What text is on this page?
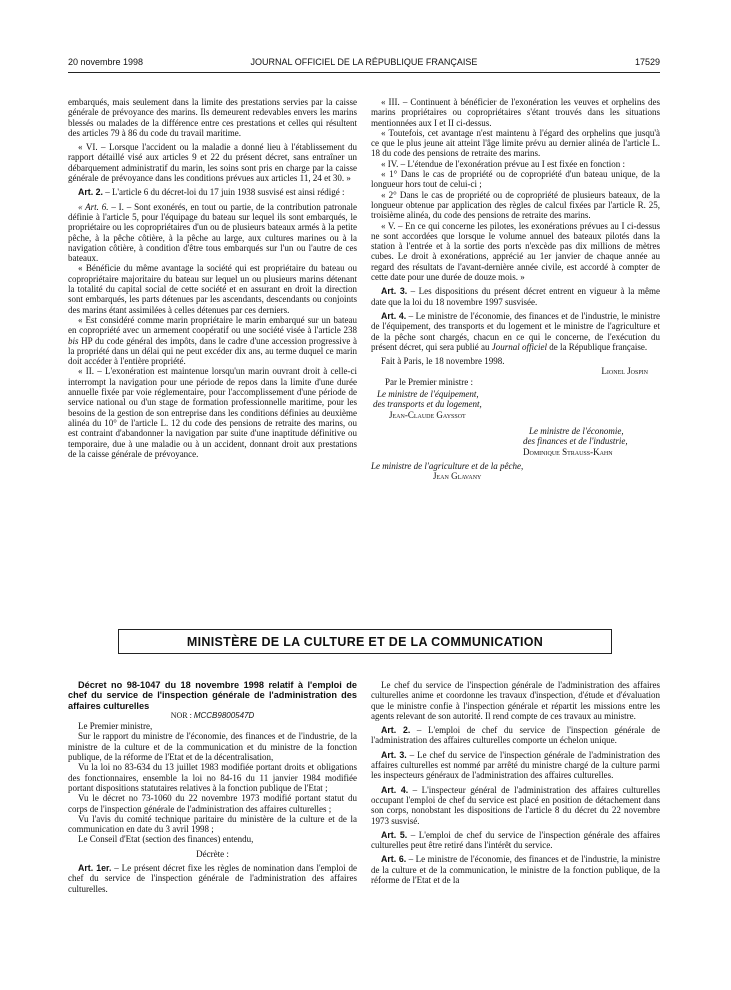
20 novembre 1998	JOURNAL OFFICIEL DE LA RÉPUBLIQUE FRANÇAISE	17529

embarqués, mais seulement dans la limite des prestations servies par la caisse générale de prévoyance des marins. Ils demeurent redevables envers les marins blessés ou malades de la différence entre ces prestations et celles qui résultent des articles 79 à 86 du code du travail maritime.

« VI. – Lorsque l'accident ou la maladie a donné lieu à l'établissement du rapport détaillé visé aux articles 9 et 22 du présent décret, sans entraîner un débarquement administratif du marin, les soins sont pris en charge par la caisse générale de prévoyance dans les conditions prévues aux articles 11, 24 et 30. »

Art. 2. – L'article 6 du décret-loi du 17 juin 1938 susvisé est ainsi rédigé :

« Art. 6. – I. – Sont exonérés, en tout ou partie, de la contribution patronale définie à l'article 5, pour l'équipage du bateau sur lequel ils sont embarqués, le propriétaire ou les copropriétaires d'un ou de plusieurs bateaux armés à la petite pêche, à la pêche côtière, à la pêche au large, aux cultures marines ou à la navigation côtière, à condition d'être tous embarqués sur l'un ou l'autre de ces bateaux.

« Bénéficie du même avantage la société qui est propriétaire du bateau ou copropriétaire majoritaire du bateau sur lequel un ou plusieurs marins détenant la totalité du capital social de cette société et en assurant en droit la direction sont embarqués, les parts détenues par les ascendants, descendants ou conjoints des marins étant assimilées à celles détenues par ces derniers.

« Est considéré comme marin propriétaire le marin embarqué sur un bateau en copropriété avec un armement coopératif ou une société visée à l'article 238 bis HP du code général des impôts, dans le cadre d'une accession progressive à la propriété dans un délai qui ne peut excéder dix ans, au terme duquel ce marin doit accéder à l'entière propriété.

« II. – L'exonération est maintenue lorsqu'un marin ouvrant droit à celle-ci interrompt la navigation pour une période de repos dans la limite d'une durée annuelle fixée par voie réglementaire, pour l'accomplissement d'une période de service national ou d'un stage de formation professionnelle maritime, pour les besoins de la gestion de son entreprise dans les conditions définies au deuxième alinéa du 10° de l'article L. 12 du code des pensions de retraite des marins, ou est contraint d'abandonner la navigation par suite d'une inaptitude définitive ou temporaire, due à une maladie ou à un accident, donnant droit aux prestations de la caisse générale de prévoyance.

« III. – Continuent à bénéficier de l'exonération les veuves et orphelins des marins propriétaires ou copropriétaires s'étant trouvés dans les situations mentionnées aux I et II ci-dessus.

« Toutefois, cet avantage n'est maintenu à l'égard des orphelins que jusqu'à ce que le plus jeune ait atteint l'âge limite prévu au dernier alinéa de l'article L. 18 du code des pensions de retraite des marins.

« IV. – L'étendue de l'exonération prévue au I est fixée en fonction :

« 1° Dans le cas de propriété ou de copropriété d'un bateau unique, de la longueur hors tout de celui-ci ;

« 2° Dans le cas de propriété ou de copropriété de plusieurs bateaux, de la longueur obtenue par application des règles de calcul fixées par l'article R. 25, troisième alinéa, du code des pensions de retraite des marins.

« V. – En ce qui concerne les pilotes, les exonérations prévues au I ci-dessus ne sont accordées que lorsque le volume annuel des bateaux pilotés dans la station à l'entrée et à la sortie des ports n'excède pas dix millions de mètres cubes. Le droit à exonérations, apprécié au 1er janvier de chaque année au regard des résultats de l'avant-dernière année civile, est accordé à compter de cette date pour une durée de douze mois. »

Art. 3. – Les dispositions du présent décret entrent en vigueur à la même date que la loi du 18 novembre 1997 susvisée.

Art. 4. – Le ministre de l'économie, des finances et de l'industrie, le ministre de l'équipement, des transports et du logement et le ministre de l'agriculture et de la pêche sont chargés, chacun en ce qui le concerne, de l'exécution du présent décret, qui sera publié au Journal officiel de la République française.

Fait à Paris, le 18 novembre 1998.

Lionel Jospin

Par le Premier ministre :

Le ministre de l'équipement,

des transports et du logement,

Jean-Claude Gayssot

Le ministre de l'économie,

des finances et de l'industrie,

Dominique Strauss-Kahn

Le ministre de l'agriculture et de la pêche,

Jean Glavany

MINISTÈRE DE LA CULTURE ET DE LA COMMUNICATION

Décret no 98-1047 du 18 novembre 1998 relatif à l'emploi de chef du service de l'inspection générale de l'administration des affaires culturelles

NOR : MCCB9800547D

Le Premier ministre,

Sur le rapport du ministre de l'économie, des finances et de l'industrie, de la ministre de la culture et de la communication et du ministre de la fonction publique, de la réforme de l'Etat et de la décentralisation,

Vu la loi no 83-634 du 13 juillet 1983 modifiée portant droits et obligations des fonctionnaires, ensemble la loi no 84-16 du 11 janvier 1984 modifiée portant dispositions statutaires relatives à la fonction publique de l'Etat ;

Vu le décret no 73-1060 du 22 novembre 1973 modifié portant statut du corps de l'inspection générale de l'administration des affaires culturelles ;

Vu l'avis du comité technique paritaire du ministère de la culture et de la communication en date du 3 avril 1998 ;

Le Conseil d'Etat (section des finances) entendu,

Décrète :

Art. 1er. – Le présent décret fixe les règles de nomination dans l'emploi de chef du service de l'inspection générale de l'administration des affaires culturelles.

Le chef du service de l'inspection générale de l'administration des affaires culturelles anime et coordonne les travaux d'inspection, d'étude et d'évaluation que le ministre confie à l'inspection générale et répartit les missions entre les agents relevant de son autorité. Il rend compte de ces travaux au ministre.

Art. 2. – L'emploi de chef du service de l'inspection générale de l'administration des affaires culturelles comporte un échelon unique.

Art. 3. – Le chef du service de l'inspection générale de l'administration des affaires culturelles est nommé par arrêté du ministre chargé de la culture parmi les inspecteurs généraux de l'administration des affaires culturelles.

Art. 4. – L'inspecteur général de l'administration des affaires culturelles occupant l'emploi de chef du service est placé en position de détachement dans son corps, nonobstant les dispositions de l'article 8 du décret du 22 novembre 1973 susvisé.

Art. 5. – L'emploi de chef du service de l'inspection générale des affaires culturelles peut être retiré dans l'intérêt du service.

Art. 6. – Le ministre de l'économie, des finances et de l'industrie, la ministre de la culture et de la communication, le ministre de la fonction publique, de la réforme de l'Etat et de la
